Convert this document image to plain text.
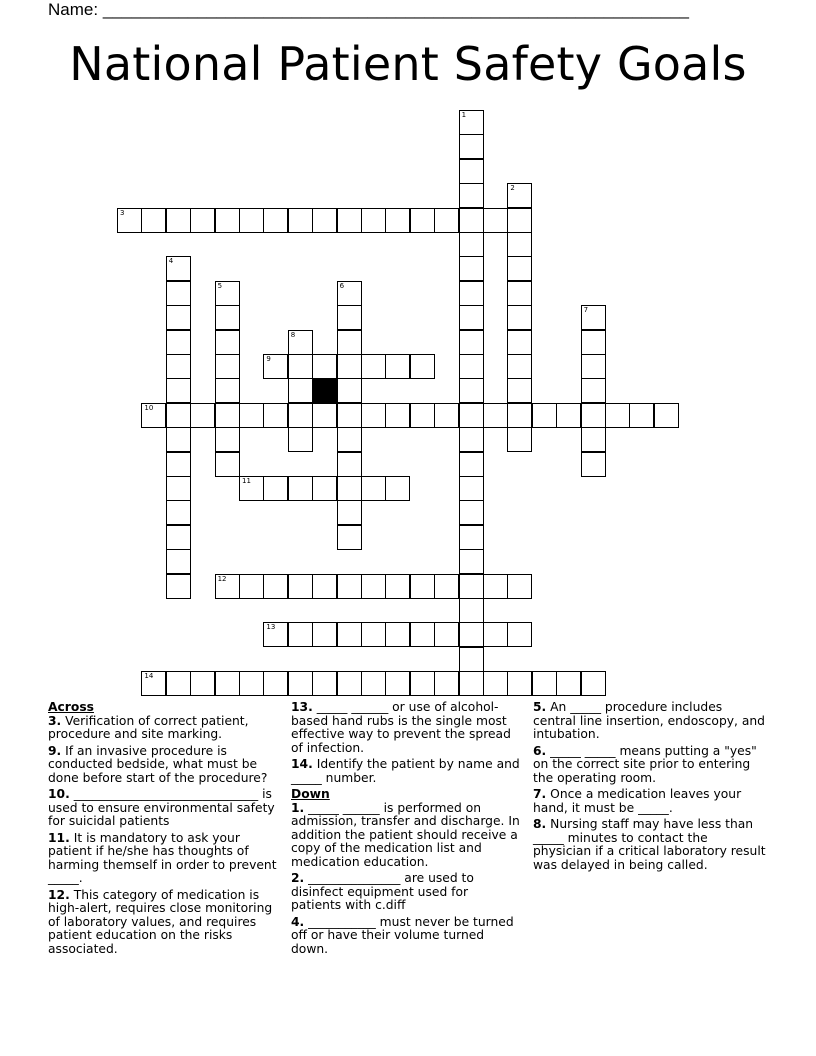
Name: ______________________________________________________________
National Patient Safety Goals
1
2
3
4
5	6
7
8
9
10
11
12
13
14
Across
3. Verification of correct patient, procedure and site marking.
9. If an invasive procedure is conducted bedside, what must be done before start of the procedure?
10. ______________________________ is used to ensure environmental safety for suicidal patients
11. It is mandatory to ask your patient if he/she has thoughts of harming themself in order to prevent _____.
12. This category of medication is high-alert, requires close monitoring of laboratory values, and requires patient education on the risks associated.
13. _____ ______ or use of alcohol-based hand rubs is the single most effective way to prevent the spread of infection.
14. Identify the patient by name and _____ number.
Down
1. _____ ______ is performed on admission, transfer and discharge. In addition the patient should receive a copy of the medication list and medication education.
2. _______________ are used to disinfect equipment used for patients with c.diff
4. ___________ must never be turned off or have their volume turned down.
5. An _____ procedure includes central line insertion, endoscopy, and intubation.
6. _____ _____ means putting a "yes" on the correct site prior to entering the operating room.
7. Once a medication leaves your hand, it must be _____.
8. Nursing staff may have less than _____ minutes to contact the physician if a critical laboratory result was delayed in being called.
